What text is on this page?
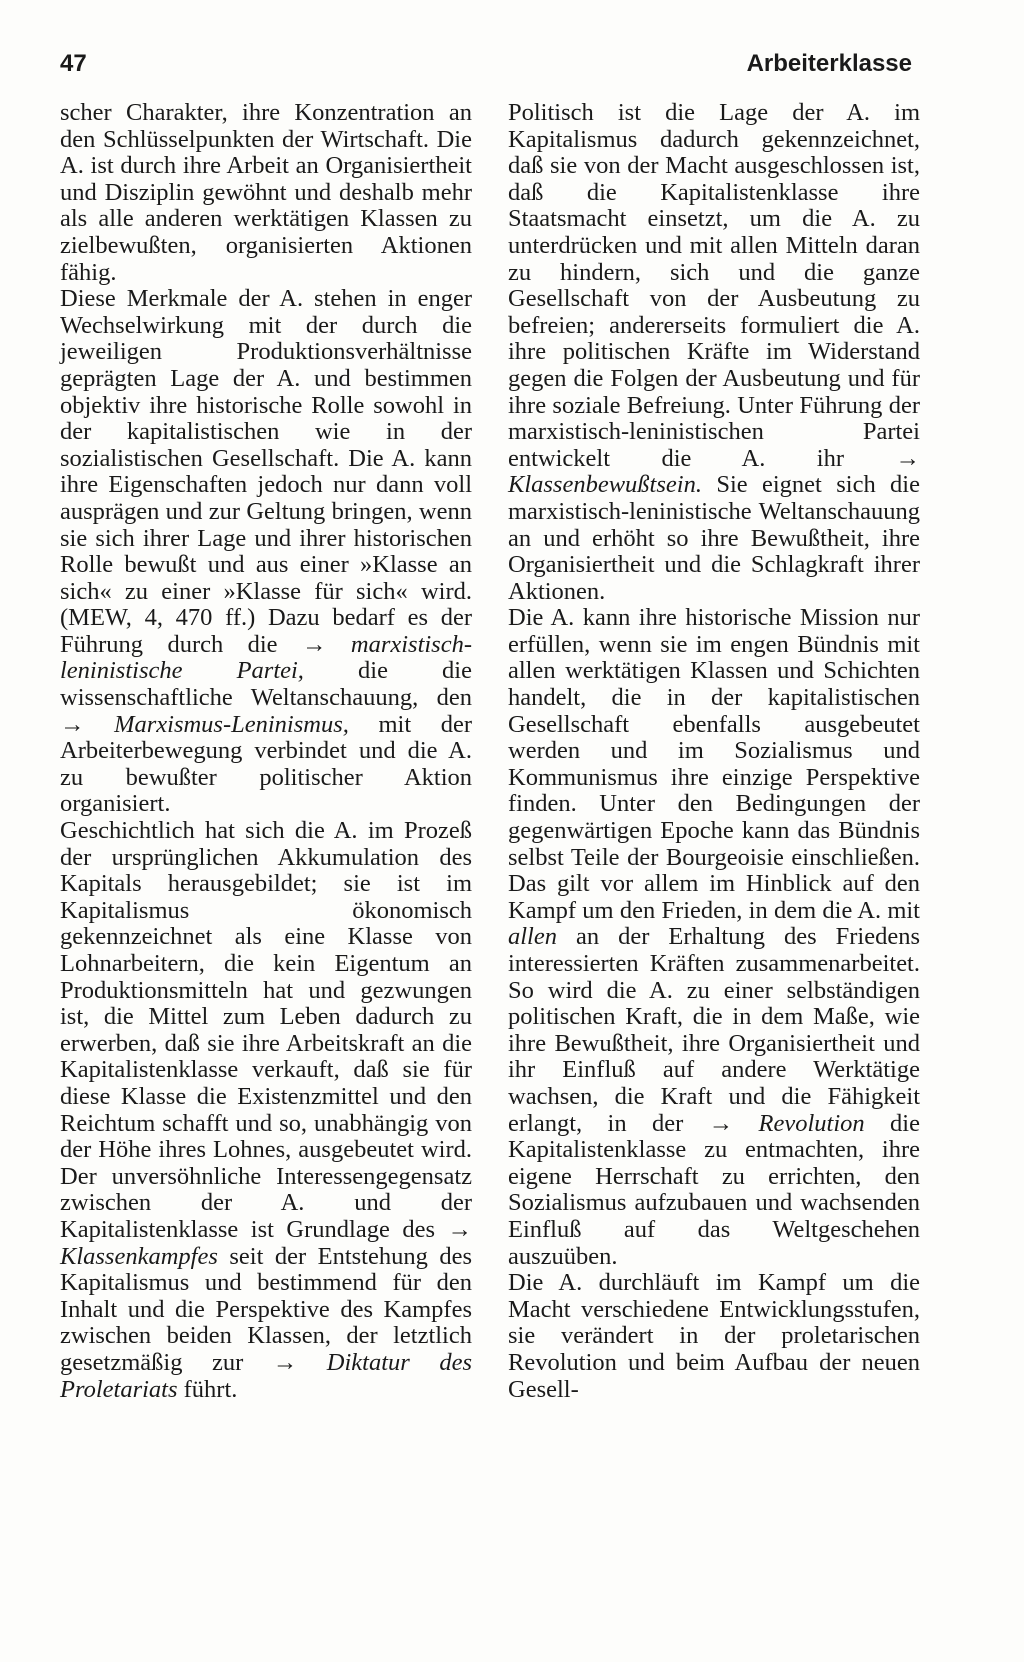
47	Arbeiterklasse

scher Charakter, ihre Konzentration an den Schlüsselpunkten der Wirtschaft. Die A. ist durch ihre Arbeit an Organisiertheit und Disziplin gewöhnt und deshalb mehr als alle anderen werktätigen Klassen zu zielbewußten, organisierten Aktionen fähig.

Diese Merkmale der A. stehen in enger Wechselwirkung mit der durch die jeweiligen Produktionsverhältnisse geprägten Lage der A. und bestimmen objektiv ihre historische Rolle sowohl in der kapitalistischen wie in der sozialistischen Gesellschaft. Die A. kann ihre Eigenschaften jedoch nur dann voll ausprägen und zur Geltung bringen, wenn sie sich ihrer Lage und ihrer historischen Rolle bewußt und aus einer »Klasse an sich« zu einer »Klasse für sich« wird. (MEW, 4, 470 ff.) Dazu bedarf es der Führung durch die → marxistisch-leninistische Partei, die die wissenschaftliche Weltanschauung, den → Marxismus-Leninismus, mit der Arbeiterbewegung verbindet und die A. zu bewußter politischer Aktion organisiert.

Geschichtlich hat sich die A. im Prozeß der ursprünglichen Akkumulation des Kapitals herausgebildet; sie ist im Kapitalismus ökonomisch gekennzeichnet als eine Klasse von Lohnarbeitern, die kein Eigentum an Produktionsmitteln hat und gezwungen ist, die Mittel zum Leben dadurch zu erwerben, daß sie ihre Arbeitskraft an die Kapitalistenklasse verkauft, daß sie für diese Klasse die Existenzmittel und den Reichtum schafft und so, unabhängig von der Höhe ihres Lohnes, ausgebeutet wird. Der unversöhnliche Interessengegensatz zwischen der A. und der Kapitalistenklasse ist Grundlage des → Klassenkampfes seit der Entstehung des Kapitalismus und bestimmend für den Inhalt und die Perspektive des Kampfes zwischen beiden Klassen, der letztlich gesetzmäßig zur → Diktatur des Proletariats führt.

Politisch ist die Lage der A. im Kapitalismus dadurch gekennzeichnet, daß sie von der Macht ausgeschlossen ist, daß die Kapitalistenklasse ihre Staatsmacht einsetzt, um die A. zu unterdrücken und mit allen Mitteln daran zu hindern, sich und die ganze Gesellschaft von der Ausbeutung zu befreien; andererseits formuliert die A. ihre politischen Kräfte im Widerstand gegen die Folgen der Ausbeutung und für ihre soziale Befreiung. Unter Führung der marxistisch-leninistischen Partei entwickelt die A. ihr → Klassenbewußtsein. Sie eignet sich die marxistisch-leninistische Weltanschauung an und erhöht so ihre Bewußtheit, ihre Organisiertheit und die Schlagkraft ihrer Aktionen.

Die A. kann ihre historische Mission nur erfüllen, wenn sie im engen Bündnis mit allen werktätigen Klassen und Schichten handelt, die in der kapitalistischen Gesellschaft ebenfalls ausgebeutet werden und im Sozialismus und Kommunismus ihre einzige Perspektive finden. Unter den Bedingungen der gegenwärtigen Epoche kann das Bündnis selbst Teile der Bourgeoisie einschließen. Das gilt vor allem im Hinblick auf den Kampf um den Frieden, in dem die A. mit allen an der Erhaltung des Friedens interessierten Kräften zusammenarbeitet. So wird die A. zu einer selbständigen politischen Kraft, die in dem Maße, wie ihre Bewußtheit, ihre Organisiertheit und ihr Einfluß auf andere Werktätige wachsen, die Kraft und die Fähigkeit erlangt, in der → Revolution die Kapitalistenklasse zu entmachten, ihre eigene Herrschaft zu errichten, den Sozialismus aufzubauen und wachsenden Einfluß auf das Weltgeschehen auszuüben.

Die A. durchläuft im Kampf um die Macht verschiedene Entwicklungsstufen, sie verändert in der proletarischen Revolution und beim Aufbau der neuen Gesell-
